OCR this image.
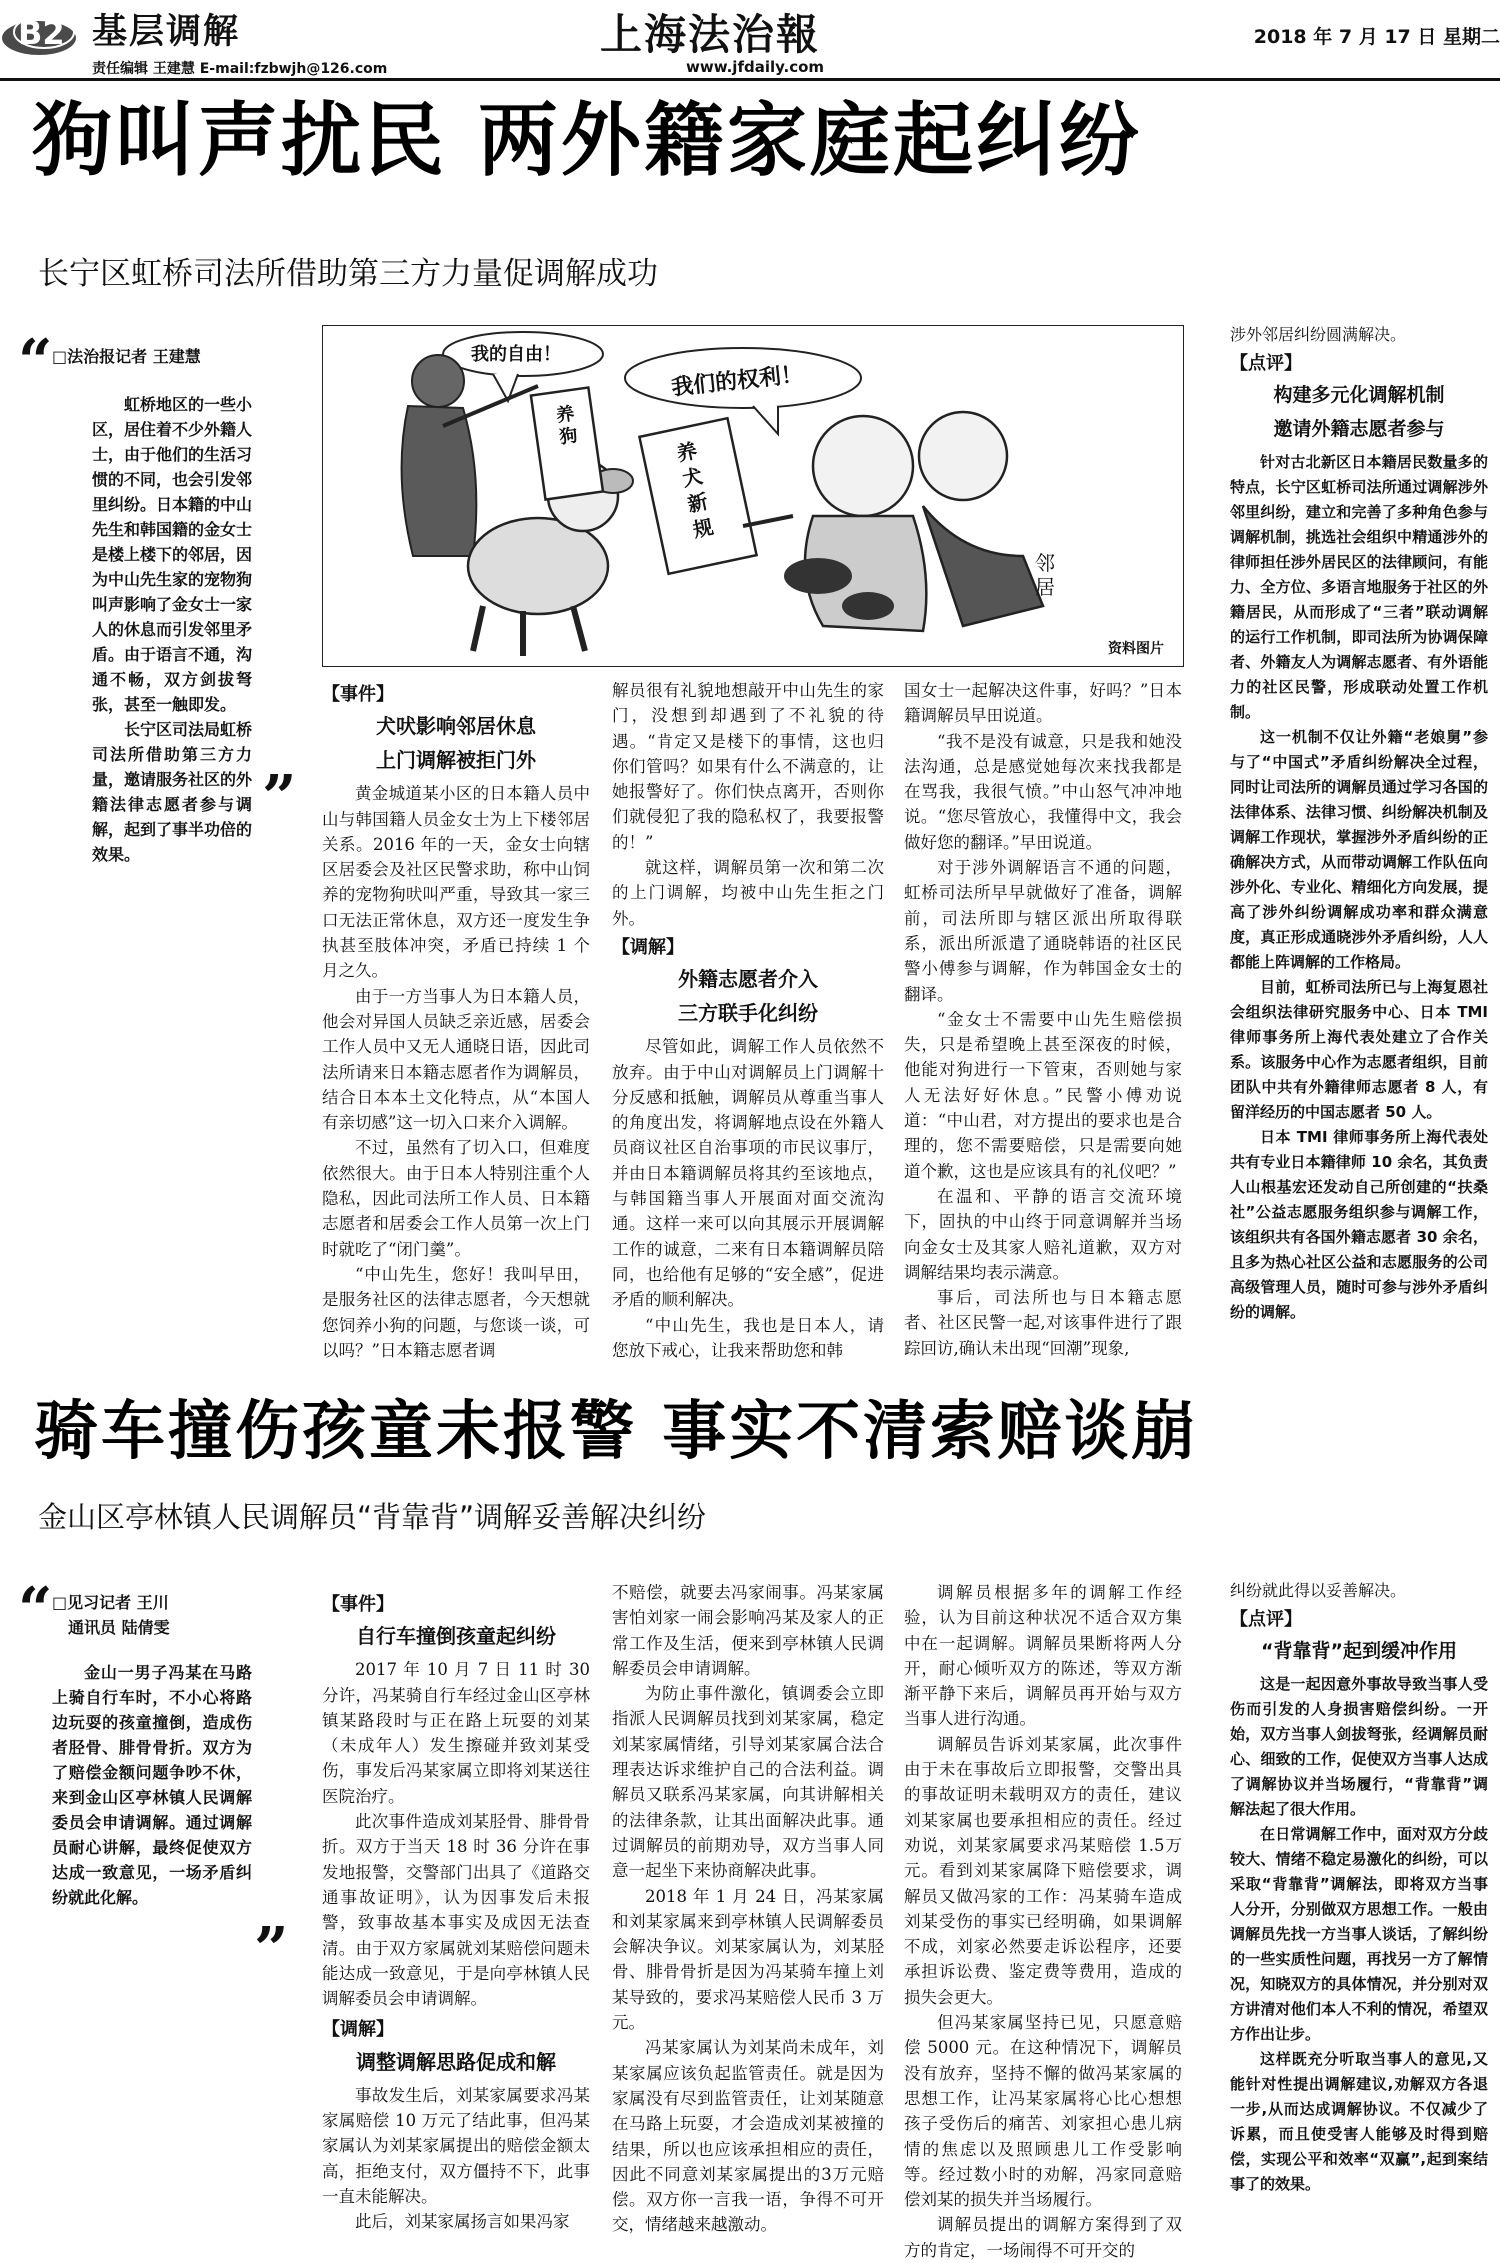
B2 基层调解
责任编辑 王建慧 E-mail:fzbwjh@126.com
上海法治報
www.jfdaily.com
2018 年 7 月 17 日 星期二
狗叫声扰民 两外籍家庭起纠纷
长宁区虹桥司法所借助第三方力量促调解成功
“ □法治报记者 王建慧
虹桥地区的一些小区，居住着不少外籍人士，由于他们的生活习惯的不同，也会引发邻里纠纷。日本籍的中山先生和韩国籍的金女士是楼上楼下的邻居，因为中山先生家的宠物狗叫声影响了金女士一家人的休息而引发邻里矛盾。由于语言不通，沟通不畅，双方剑拔弩张，甚至一触即发。
长宁区司法局虹桥司法所借助第三方力量，邀请服务社区的外籍法律志愿者参与调解，起到了事半功倍的效果。
”
我的自由！
我们的权利！
养狗
养犬新规
邻居
资料图片
【事件】
犬吠影响邻居休息
上门调解被拒门外

黄金城道某小区的日本籍人员中山与韩国籍人员金女士为上下楼邻居关系。2016 年的一天，金女士向辖区居委会及社区民警求助，称中山饲养的宠物狗吠叫严重，导致其一家三口无法正常休息，双方还一度发生争执甚至肢体冲突，矛盾已持续 1 个月之久。

由于一方当事人为日本籍人员，他会对异国人员缺乏亲近感，居委会工作人员中又无人通晓日语，因此司法所请来日本籍志愿者作为调解员，结合日本本土文化特点，从“本国人有亲切感”这一切入口来介入调解。

不过，虽然有了切入口，但难度依然很大。由于日本人特别注重个人隐私，因此司法所工作人员、日本籍志愿者和居委会工作人员第一次上门时就吃了“闭门羹”。

“中山先生，您好！我叫早田，是服务社区的法律志愿者，今天想就您饲养小狗的问题，与您谈一谈，可以吗？”日本籍志愿者调

解员很有礼貌地想敲开中山先生的家门，没想到却遇到了不礼貌的待遇。“肯定又是楼下的事情，这也归你们管吗？如果有什么不满意的，让她报警好了。你们快点离开，否则你们就侵犯了我的隐私权了，我要报警的！”

就这样，调解员第一次和第二次的上门调解，均被中山先生拒之门外。

【调解】
外籍志愿者介入
三方联手化纠纷

尽管如此，调解工作人员依然不放弃。由于中山对调解员上门调解十分反感和抵触，调解员从尊重当事人的角度出发，将调解地点设在外籍人员商议社区自治事项的市民议事厅，并由日本籍调解员将其约至该地点，与韩国籍当事人开展面对面交流沟通。这样一来可以向其展示开展调解工作的诚意，二来有日本籍调解员陪同，也给他有足够的“安全感”，促进矛盾的顺利解决。

“中山先生，我也是日本人，请您放下戒心，让我来帮助您和韩

国女士一起解决这件事，好吗？”日本籍调解员早田说道。

“我不是没有诚意，只是我和她没法沟通，总是感觉她每次来找我都是在骂我，我很气愤。”中山怒气冲冲地说。“您尽管放心，我懂得中文，我会做好您的翻译。”早田说道。

对于涉外调解语言不通的问题，虹桥司法所早早就做好了准备，调解前，司法所即与辖区派出所取得联系，派出所派遣了通晓韩语的社区民警小傅参与调解，作为韩国金女士的翻译。

“金女士不需要中山先生赔偿损失，只是希望晚上甚至深夜的时候，他能对狗进行一下管束，否则她与家人无法好好休息。”民警小傅劝说道：“中山君，对方提出的要求也是合理的，您不需要赔偿，只是需要向她道个歉，这也是应该具有的礼仪吧？”

在温和、平静的语言交流环境下，固执的中山终于同意调解并当场向金女士及其家人赔礼道歉，双方对调解结果均表示满意。

事后，司法所也与日本籍志愿者、社区民警一起,对该事件进行了跟踪回访,确认未出现“回潮”现象,

涉外邻居纠纷圆满解决。
【点评】
构建多元化调解机制
邀请外籍志愿者参与

针对古北新区日本籍居民数量多的特点，长宁区虹桥司法所通过调解涉外邻里纠纷，建立和完善了多种角色参与调解机制，挑选社会组织中精通涉外的律师担任涉外居民区的法律顾问，有能力、全方位、多语言地服务于社区的外籍居民，从而形成了“三者”联动调解的运行工作机制，即司法所为协调保障者、外籍友人为调解志愿者、有外语能力的社区民警，形成联动处置工作机制。

这一机制不仅让外籍“老娘舅”参与了“中国式”矛盾纠纷解决全过程，同时让司法所的调解员通过学习各国的法律体系、法律习惯、纠纷解决机制及调解工作现状，掌握涉外矛盾纠纷的正确解决方式，从而带动调解工作队伍向涉外化、专业化、精细化方向发展，提高了涉外纠纷调解成功率和群众满意度，真正形成通晓涉外矛盾纠纷，人人都能上阵调解的工作格局。

目前，虹桥司法所已与上海复恩社会组织法律研究服务中心、日本 TMI 律师事务所上海代表处建立了合作关系。该服务中心作为志愿者组织，目前团队中共有外籍律师志愿者 8 人，有留洋经历的中国志愿者 50 人。

日本 TMI 律师事务所上海代表处共有专业日本籍律师 10 余名，其负责人山根基宏还发动自己所创建的“扶桑社”公益志愿服务组织参与调解工作，该组织共有各国外籍志愿者 30 余名，且多为热心社区公益和志愿服务的公司高级管理人员，随时可参与涉外矛盾纠纷的调解。

骑车撞伤孩童未报警 事实不清索赔谈崩
金山区亭林镇人民调解员“背靠背”调解妥善解决纠纷
“ □见习记者 王川
通讯员 陆倩雯
金山一男子冯某在马路上骑自行车时，不小心将路边玩耍的孩童撞倒，造成伤者胫骨、腓骨骨折。双方为了赔偿金额问题争吵不休，来到金山区亭林镇人民调解委员会申请调解。通过调解员耐心讲解，最终促使双方达成一致意见，一场矛盾纠纷就此化解。
”
【事件】
自行车撞倒孩童起纠纷

2017 年 10 月 7 日 11 时 30 分许，冯某骑自行车经过金山区亭林镇某路段时与正在路上玩耍的刘某（未成年人）发生擦碰并致刘某受伤，事发后冯某家属立即将刘某送往医院治疗。

此次事件造成刘某胫骨、腓骨骨折。双方于当天 18 时 36 分许在事发地报警，交警部门出具了《道路交通事故证明》，认为因事发后未报警，致事故基本事实及成因无法查清。由于双方家属就刘某赔偿问题未能达成一致意见，于是向亭林镇人民调解委员会申请调解。

【调解】
调整调解思路促成和解

事故发生后，刘某家属要求冯某家属赔偿 10 万元了结此事，但冯某家属认为刘某家属提出的赔偿金额太高，拒绝支付，双方僵持不下，此事一直未能解决。

此后，刘某家属扬言如果冯家

不赔偿，就要去冯家闹事。冯某家属害怕刘家一闹会影响冯某及家人的正常工作及生活，便来到亭林镇人民调解委员会申请调解。

为防止事件激化，镇调委会立即指派人民调解员找到刘某家属，稳定刘某家属情绪，引导刘某家属合法合理表达诉求维护自己的合法利益。调解员又联系冯某家属，向其讲解相关的法律条款，让其出面解决此事。通过调解员的前期劝导，双方当事人同意一起坐下来协商解决此事。

2018 年 1 月 24 日，冯某家属和刘某家属来到亭林镇人民调解委员会解决争议。刘某家属认为，刘某胫骨、腓骨骨折是因为冯某骑车撞上刘某导致的，要求冯某赔偿人民币 3 万元。

冯某家属认为刘某尚未成年，刘某家属应该负起监管责任。就是因为家属没有尽到监管责任，让刘某随意在马路上玩耍，才会造成刘某被撞的结果，所以也应该承担相应的责任，因此不同意刘某家属提出的3万元赔偿。双方你一言我一语，争得不可开交，情绪越来越激动。

调解员根据多年的调解工作经验，认为目前这种状况不适合双方集中在一起调解。调解员果断将两人分开，耐心倾听双方的陈述，等双方渐渐平静下来后，调解员再开始与双方当事人进行沟通。

调解员告诉刘某家属，此次事件由于未在事故后立即报警，交警出具的事故证明未载明双方的责任，建议刘某家属也要承担相应的责任。经过劝说，刘某家属要求冯某赔偿 1.5万元。看到刘某家属降下赔偿要求，调解员又做冯家的工作：冯某骑车造成刘某受伤的事实已经明确，如果调解不成，刘家必然要走诉讼程序，还要承担诉讼费、鉴定费等费用，造成的损失会更大。

但冯某家属坚持已见，只愿意赔偿 5000 元。在这种情况下，调解员没有放弃，坚持不懈的做冯某家属的思想工作，让冯某家属将心比心想想孩子受伤后的痛苦、刘家担心患儿病情的焦虑以及照顾患儿工作受影响等。经过数小时的劝解，冯家同意赔偿刘某的损失并当场履行。

调解员提出的调解方案得到了双方的肯定，一场闹得不可开交的

纠纷就此得以妥善解决。
【点评】
“背靠背”起到缓冲作用

这是一起因意外事故导致当事人受伤而引发的人身损害赔偿纠纷。一开始，双方当事人剑拔弩张，经调解员耐心、细致的工作，促使双方当事人达成了调解协议并当场履行，“背靠背”调解法起了很大作用。

在日常调解工作中，面对双方分歧较大、情绪不稳定易激化的纠纷，可以采取“背靠背”调解法，即将双方当事人分开，分别做双方思想工作。一般由调解员先找一方当事人谈话，了解纠纷的一些实质性问题，再找另一方了解情况，知晓双方的具体情况，并分别对双方讲清对他们本人不利的情况，希望双方作出让步。

这样既充分听取当事人的意见,又能针对性提出调解建议,劝解双方各退一步,从而达成调解协议。不仅减少了诉累，而且使受害人能够及时得到赔偿，实现公平和效率“双赢”,起到案结事了的效果。
